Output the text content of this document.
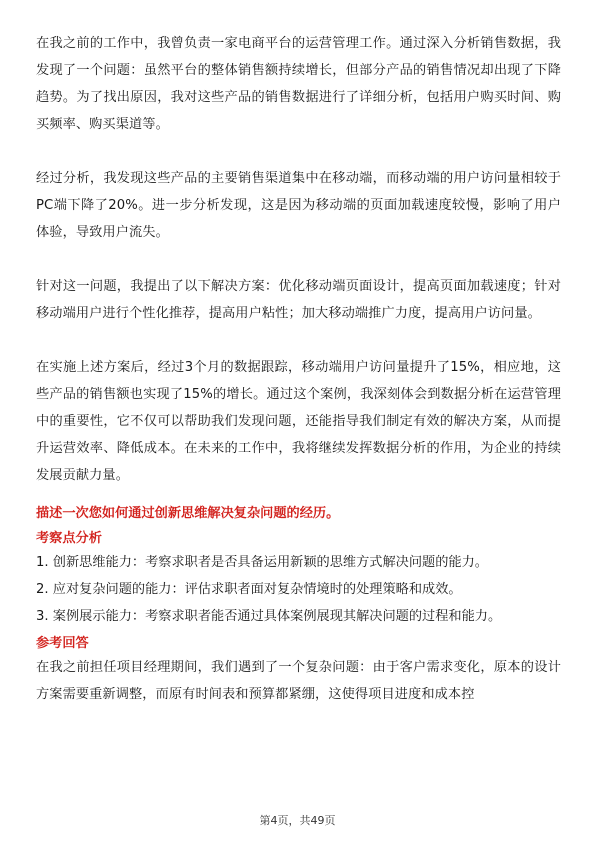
在我之前的工作中，我曾负责一家电商平台的运营管理工作。通过深入分析销售数据，我发现了一个问题：虽然平台的整体销售额持续增长，但部分产品的销售情况却出现了下降趋势。为了找出原因，我对这些产品的销售数据进行了详细分析，包括用户购买时间、购买频率、购买渠道等。

经过分析，我发现这些产品的主要销售渠道集中在移动端，而移动端的用户访问量相较于PC端下降了20%。进一步分析发现，这是因为移动端的页面加载速度较慢，影响了用户体验，导致用户流失。

针对这一问题，我提出了以下解决方案：优化移动端页面设计，提高页面加载速度；针对移动端用户进行个性化推荐，提高用户粘性；加大移动端推广力度，提高用户访问量。

在实施上述方案后，经过3个月的数据跟踪，移动端用户访问量提升了15%，相应地，这些产品的销售额也实现了15%的增长。通过这个案例，我深刻体会到数据分析在运营管理中的重要性，它不仅可以帮助我们发现问题，还能指导我们制定有效的解决方案，从而提升运营效率、降低成本。在未来的工作中，我将继续发挥数据分析的作用，为企业的持续发展贡献力量。

描述一次您如何通过创新思维解决复杂问题的经历。

考察点分析

1. 创新思维能力：考察求职者是否具备运用新颖的思维方式解决问题的能力。

2. 应对复杂问题的能力：评估求职者面对复杂情境时的处理策略和成效。

3. 案例展示能力：考察求职者能否通过具体案例展现其解决问题的过程和能力。

参考回答

在我之前担任项目经理期间，我们遇到了一个复杂问题：由于客户需求变化，原本的设计方案需要重新调整，而原有时间表和预算都紧绷，这使得项目进度和成本控

第4页，共49页
